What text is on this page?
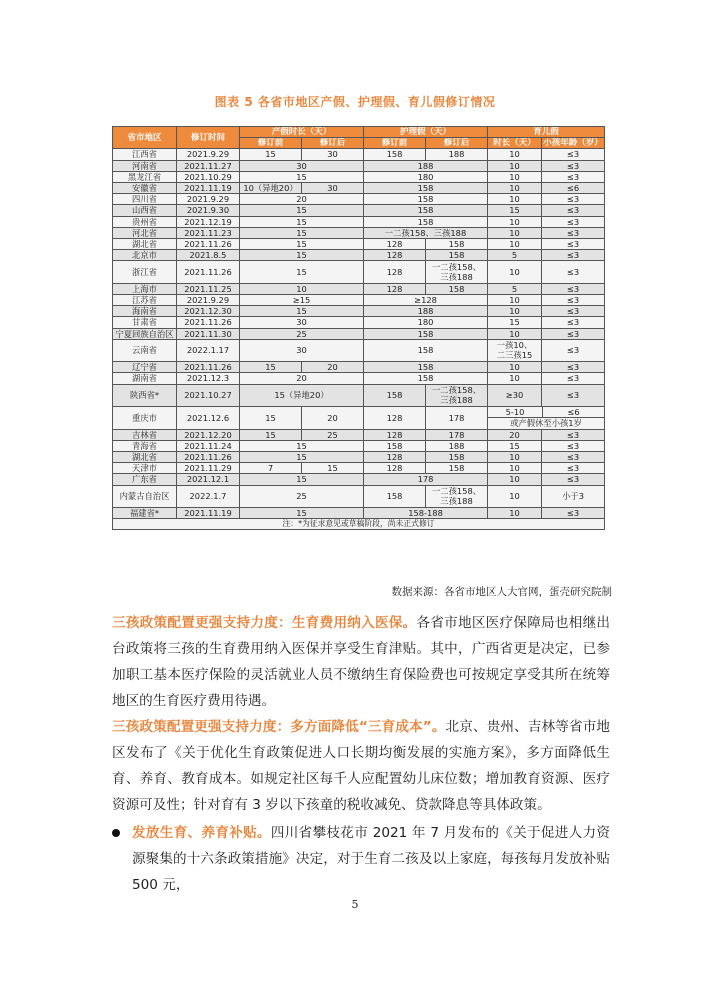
图表 5 各省市地区产假、护理假、育儿假修订情况
省市地区	修订时间	产假时长（天）		护理假（天）		育儿假	
		修订前	修订后	修订前	修订后	时长（天）	小孩年龄（岁）
江西省	2021.9.29	15	30	158	188	10	≤3
河南省	2021.11.27	30		188		10	≤3
黑龙江省	2021.10.29	15		180		10	≤3
安徽省	2021.11.19	10（异地20）	30	158		10	≤6
四川省	2021.9.29	20		158		10	≤3
山西省	2021.9.30	15		158		15	≤3
贵州省	2021.12.19	15		158		10	≤3
河北省	2021.11.23	15		一二孩158、三孩188		10	≤3
湖北省	2021.11.26	15		128	158	10	≤3
北京市	2021.8.5	15		128	158	5	≤3
浙江省	2021.11.26	15		128	一二孩158、
三孩188	10	≤3
上海市	2021.11.25	10		128	158	5	≤3
江苏省	2021.9.29	≥15		≥128		10	≤3
海南省	2021.12.30	15		188		10	≤3
甘肃省	2021.11.26	30		180		15	≤3
宁夏回族自治区	2021.11.30	25		158		10	≤3
云南省	2022.1.17	30		158		一孩10、
二三孩15	≤3
辽宁省	2021.11.26	15	20	158		10	≤3
湖南省	2021.12.3	20		158		10	≤3
陕西省*	2021.10.27	15（异地20）		158	一二孩158、
三孩188	≥30	≤3
重庆市	2021.12.6	15	20	128	178	5-10 ≤6
或产假休至小孩1岁	

吉林省	2021.12.20	15	25	128	178	20	≤3
青海省	2021.11.24	15		158	188	15	≤3
湖北省	2021.11.26	15		128	158	10	≤3
天津市	2021.11.29	7	15	128	158	10	≤3
广东省	2021.12.1	15		178		10	≤3
内蒙古自治区	2022.1.7	25		158	一二孩158、
三孩188	10	小于3
福建省*	2021.11.19	15		158-188		10	≤3
注：*为征求意见或草稿阶段，尚未正式修订							
数据来源：各省市地区人大官网，蛋壳研究院制
三孩政策配置更强支持力度：生育费用纳入医保。各省市地区医疗保障局也相继出台政策将三孩的生育费用纳入医保并享受生育津贴。其中，广西省更是决定，已参加职工基本医疗保险的灵活就业人员不缴纳生育保险费也可按规定享受其所在统筹地区的生育医疗费用待遇。
三孩政策配置更强支持力度：多方面降低“三育成本”。北京、贵州、吉林等省市地区发布了《关于优化生育政策促进人口长期均衡发展的实施方案》，多方面降低生育、养育、教育成本。如规定社区每千人应配置幼儿床位数；增加教育资源、医疗资源可及性；针对育有 3 岁以下孩童的税收减免、贷款降息等具体政策。
发放生育、养育补贴。四川省攀枝花市 2021 年 7 月发布的《关于促进人力资源聚集的十六条政策措施》决定，对于生育二孩及以上家庭，每孩每月发放补贴 500 元，
5
